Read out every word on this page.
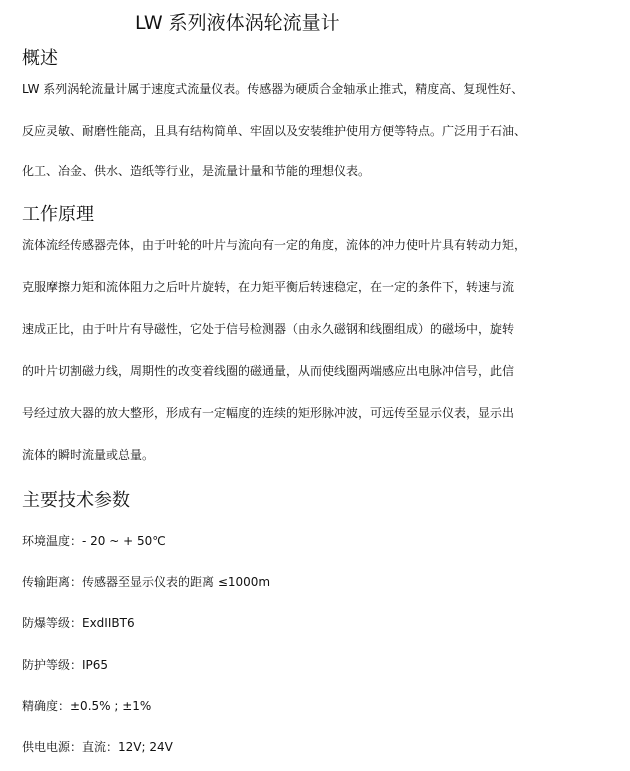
LW 系列液体涡轮流量计
概述
LW 系列涡轮流量计属于速度式流量仪表。传感器为硬质合金轴承止推式，精度高、复现性好、
反应灵敏、耐磨性能高，且具有结构简单、牢固以及安装维护使用方便等特点。广泛用于石油、
化工、冶金、供水、造纸等行业，是流量计量和节能的理想仪表。
工作原理
流体流经传感器壳体，由于叶轮的叶片与流向有一定的角度，流体的冲力使叶片具有转动力矩，
克服摩擦力矩和流体阻力之后叶片旋转，在力矩平衡后转速稳定，在一定的条件下，转速与流
速成正比，由于叶片有导磁性，它处于信号检测器（由永久磁钢和线圈组成）的磁场中，旋转
的叶片切割磁力线，周期性的改变着线圈的磁通量，从而使线圈两端感应出电脉冲信号，此信
号经过放大器的放大整形，形成有一定幅度的连续的矩形脉冲波，可远传至显示仪表，显示出
流体的瞬时流量或总量。
主要技术参数
环境温度：- 20 ~ + 50℃
传输距离：传感器至显示仪表的距离 ≤1000m
防爆等级：ExdIIBT6
防护等级：IP65
精确度：±0.5% ; ±1%
供电电源：直流：12V; 24V
